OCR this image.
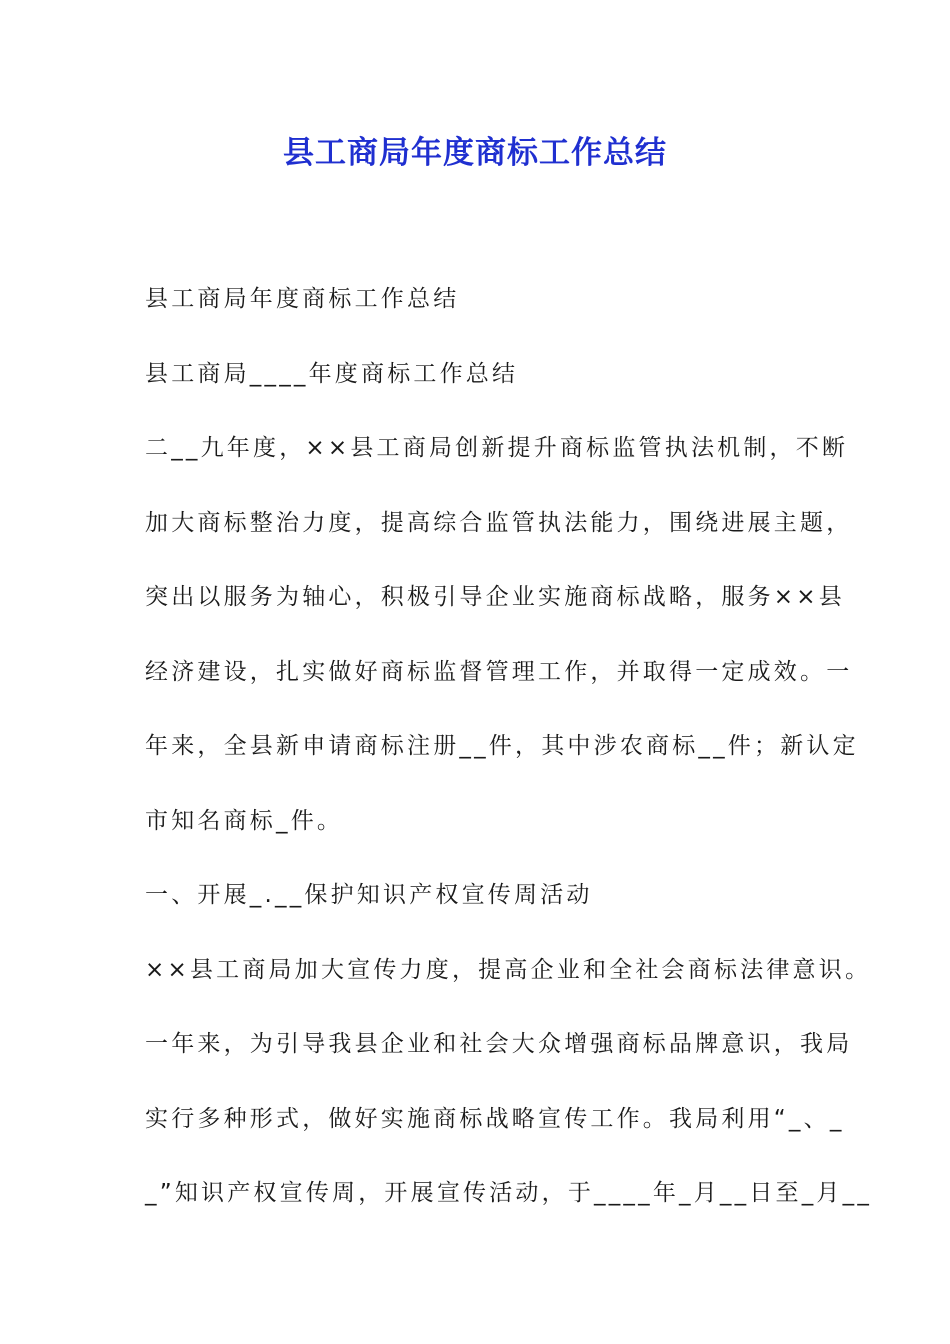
县工商局年度商标工作总结
县工商局年度商标工作总结
县工商局____年度商标工作总结
二__九年度，××县工商局创新提升商标监管执法机制，不断
加大商标整治力度，提高综合监管执法能力，围绕进展主题，
突出以服务为轴心，积极引导企业实施商标战略，服务××县
经济建设，扎实做好商标监督管理工作，并取得一定成效。一
年来，全县新申请商标注册__件，其中涉农商标__件；新认定
市知名商标_件。
一、开展_.__保护知识产权宣传周活动
××县工商局加大宣传力度，提高企业和全社会商标法律意识。
一年来，为引导我县企业和社会大众增强商标品牌意识，我局
实行多种形式，做好实施商标战略宣传工作。我局利用“_、_
_”知识产权宣传周，开展宣传活动，于____年_月__日至_月__
